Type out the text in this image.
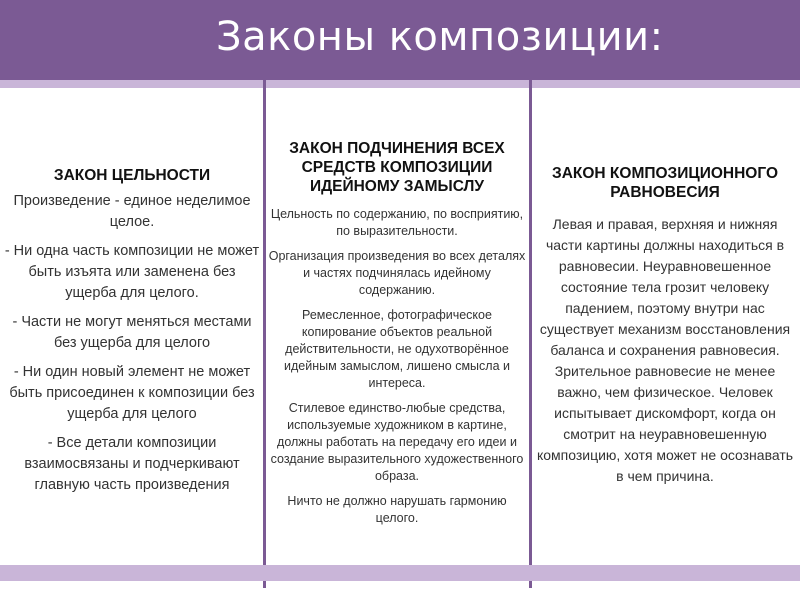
Законы композиции:

ЗАКОН ЦЕЛЬНОСТИ

Произведение - единое неделимое целое.

- Ни одна часть композиции не может быть изъята или заменена без ущерба для целого.

- Части не могут меняться местами без ущерба для целого

- Ни один новый элемент не может быть присоединен к композиции без ущерба для целого

- Все детали композиции взаимосвязаны и подчеркивают главную часть произведения

ЗАКОН ПОДЧИНЕНИЯ ВСЕХ СРЕДСТВ КОМПОЗИЦИИ ИДЕЙНОМУ ЗАМЫСЛУ

Цельность по содержанию, по восприятию, по выразительности.

Организация произведения во всех деталях и частях подчинялась идейному содержанию.

Ремесленное, фотографическое копирование объектов реальной действительности, не одухотворённое идейным замыслом, лишено смысла и интереса.

Стилевое единство-любые средства, используемые художником в картине, должны работать на передачу его идеи и создание выразительного художественного образа.

Ничто не должно нарушать гармонию целого.

ЗАКОН КОМПОЗИЦИОННОГО РАВНОВЕСИЯ

Левая и правая, верхняя и нижняя части картины должны находиться в равновесии. Неуравновешенное состояние тела грозит человеку падением, поэтому внутри нас существует механизм восстановления баланса и сохранения равновесия. Зрительное равновесие не менее важно, чем физическое. Человек испытывает дискомфорт, когда он смотрит на неуравновешенную композицию, хотя может не осознавать в чем причина.
